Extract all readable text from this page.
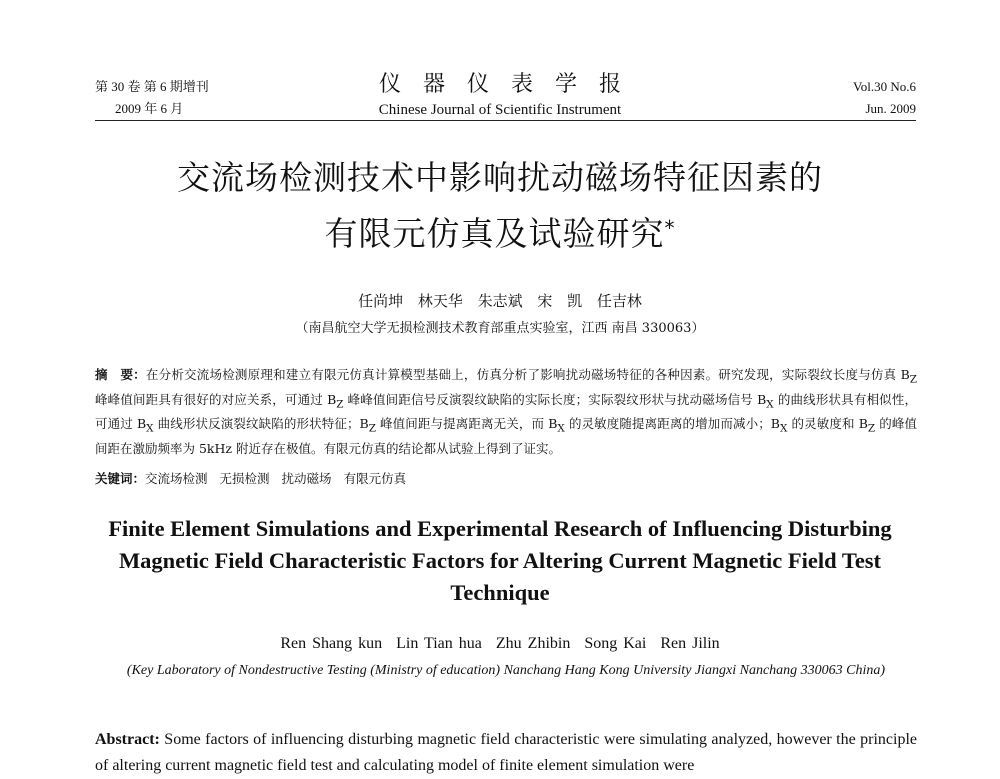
第 30 卷 第 6 期增刊
2009 年 6 月
仪器仪表学报
Chinese Journal of Scientific Instrument
Vol.30 No.6
Jun. 2009
交流场检测技术中影响扰动磁场特征因素的
有限元仿真及试验研究*
任尚坤 林天华 朱志斌 宋 凯 任吉林
（南昌航空大学无损检测技术教育部重点实验室，江西 南昌 330063）
摘　要：在分析交流场检测原理和建立有限元仿真计算模型基础上，仿真分析了影响扰动磁场特征的各种因素。研究发现，实际裂纹长度与仿真 $B_Z$ 峰峰值间距具有很好的对应关系，可通过 $B_Z$ 峰峰值间距信号反演裂纹缺陷的实际长度；实际裂纹形状与扰动磁场信号 $B_X$ 的曲线形状具有相似性，可通过 $B_X$ 曲线形状反演裂纹缺陷的形状特征；$B_Z$ 峰值间距与提离距离无关，而 $B_X$ 的灵敏度随提离距离的增加而减小；$B_X$ 的灵敏度和 $B_Z$ 的峰值间距在激励频率为 5kHz 附近存在极值。有限元仿真的结论都从试验上得到了证实。
关键词：交流场检测 无损检测 扰动磁场 有限元仿真
Finite Element Simulations and Experimental Research of Influencing Disturbing Magnetic Field Characteristic Factors for Altering Current Magnetic Field Test Technique
Ren Shang kun Lin Tian hua Zhu Zhibin Song Kai Ren Jilin
(Key Laboratory of Nondestructive Testing (Ministry of education) Nanchang Hang Kong University Jiangxi Nanchang 330063 China)
Abstract: Some factors of influencing disturbing magnetic field characteristic were simulating analyzed, however the principle of altering current magnetic field test and calculating model of finite element simulation were
